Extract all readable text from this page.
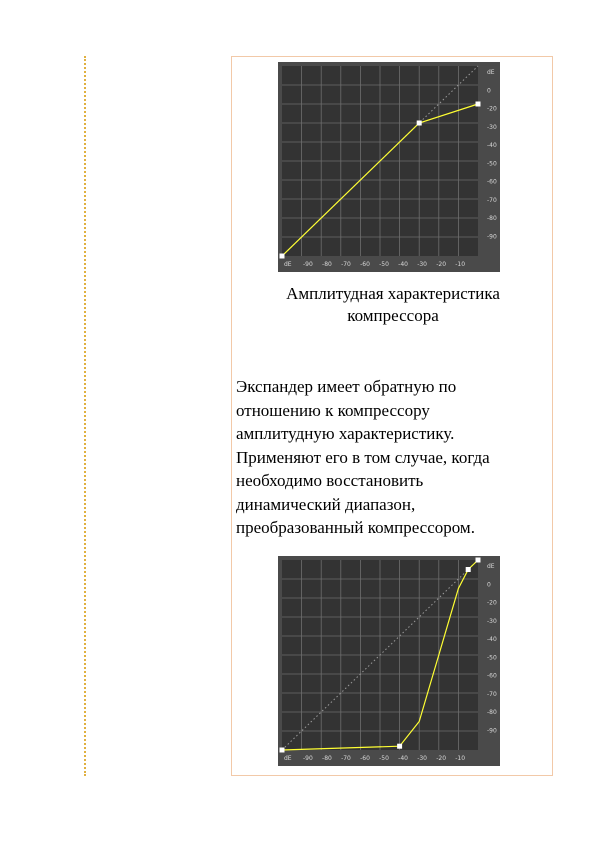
dE
0
-20
-30
-40
-50
-60
-70
-80
-90
dE -90 -80 -70 -60 -50 -40 -30 -20 -10
Амплитудная характеристика
компрессора
Экспандер имеет обратную по
отношению к компрессору
амплитудную характеристику.
Применяют его в том случае, когда
необходимо восстановить
динамический диапазон,
преобразованный компрессором.
dE
0
-20
-30
-40
-50
-60
-70
-80
-90
dE -90 -80 -70 -60 -50 -40 -30 -20 -10
